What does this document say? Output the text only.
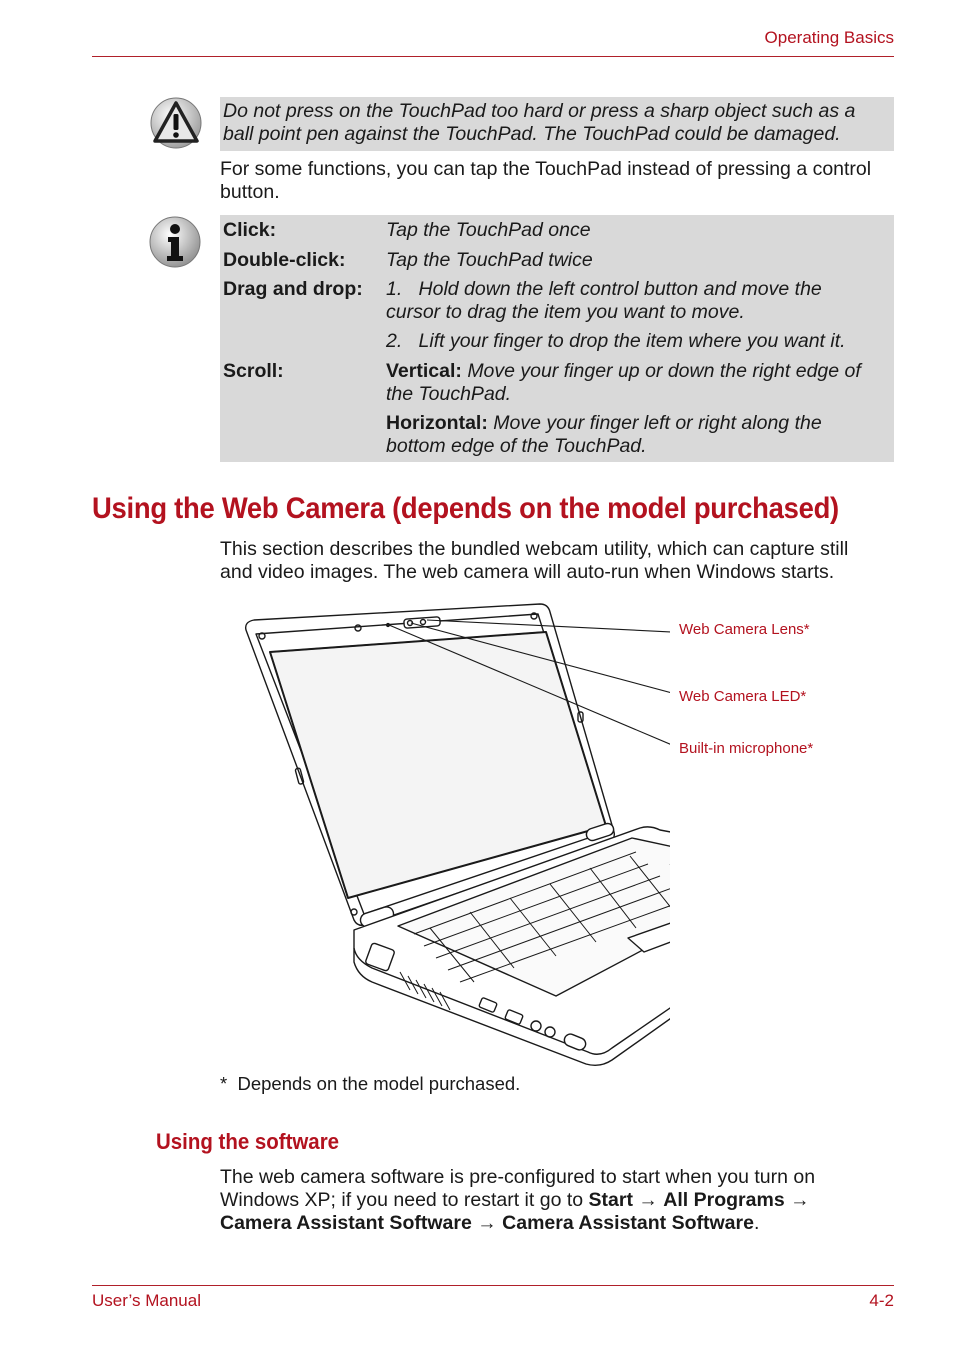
Operating Basics
Do not press on the TouchPad too hard or press a sharp object such as a ball point pen against the TouchPad. The TouchPad could be damaged.
For some functions, you can tap the TouchPad instead of pressing a control
button.
Click:	Tap the TouchPad once
Double-click: Tap the TouchPad twice
Drag and drop: 1.   Hold down the left control button and move the
cursor to drag the item you want to move.
2.   Lift your finger to drop the item where you want it.
Scroll:	Vertical: Move your finger up or down the right edge of
the TouchPad.
Horizontal: Move your finger left or right along the
bottom edge of the TouchPad.
Using the Web Camera (depends on the model purchased)
This section describes the bundled webcam utility, which can capture still
and video images. The web camera will auto-run when Windows starts.
Web Camera Lens*
Web Camera LED*
Built-in microphone*
*  Depends on the model purchased.
Using the software
The web camera software is pre-configured to start when you turn on
Windows XP; if you need to restart it go to Start → All Programs →
Camera Assistant Software → Camera Assistant Software.
User’s Manual	4-2
